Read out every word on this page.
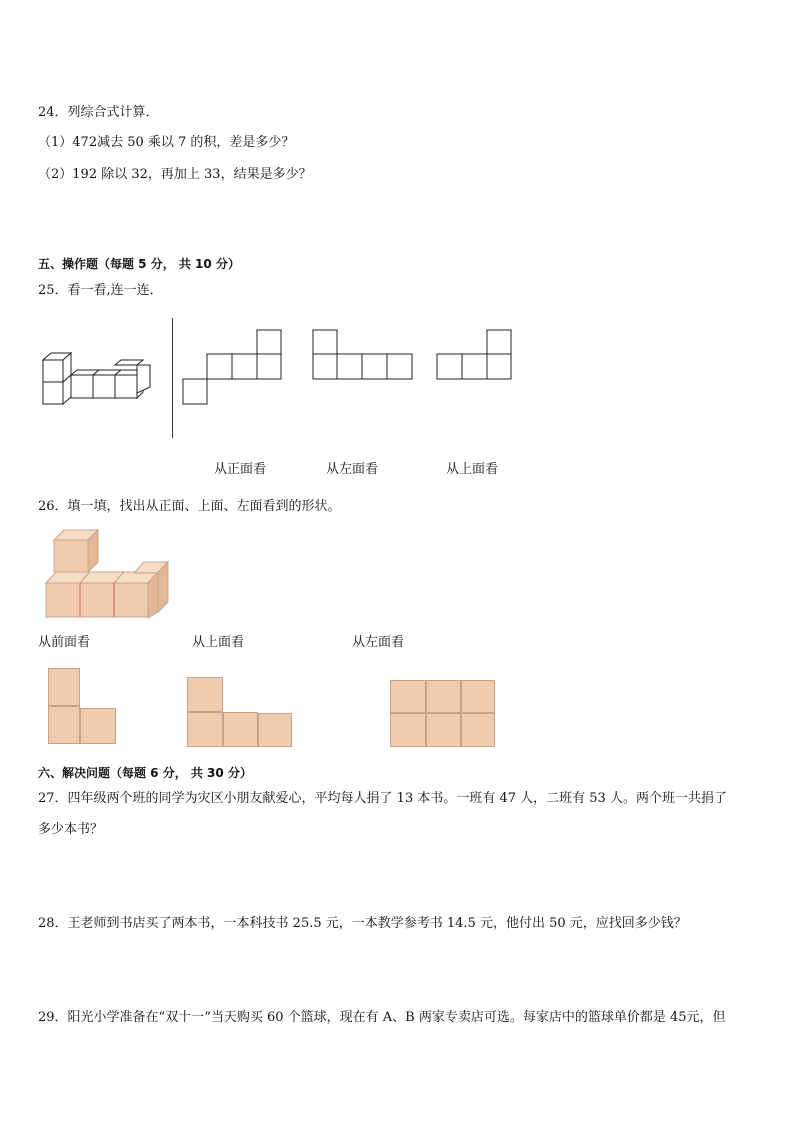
24．列综合式计算．
（1）472减去 50 乘以 7 的积，差是多少？
（2）192 除以 32，再加上 33，结果是多少？
五、操作题（每题 5 分， 共 10 分）
25．看一看,连一连．
从正面看	从左面看	从上面看
26．填一填，找出从正面、上面、左面看到的形状。
从前面看	从上面看	从左面看
六、解决问题（每题 6 分， 共 30 分）
27．四年级两个班的同学为灾区小朋友献爱心，平均每人捐了 13 本书。一班有 47 人，二班有 53 人。两个班一共捐了
多少本书？
28．王老师到书店买了两本书，一本科技书 25.5 元，一本教学参考书 14.5 元，他付出 50 元，应找回多少钱？
29．阳光小学准备在“双十一”当天购买 60 个篮球，现在有 A、B 两家专卖店可选。每家店中的篮球单价都是 45元，但
